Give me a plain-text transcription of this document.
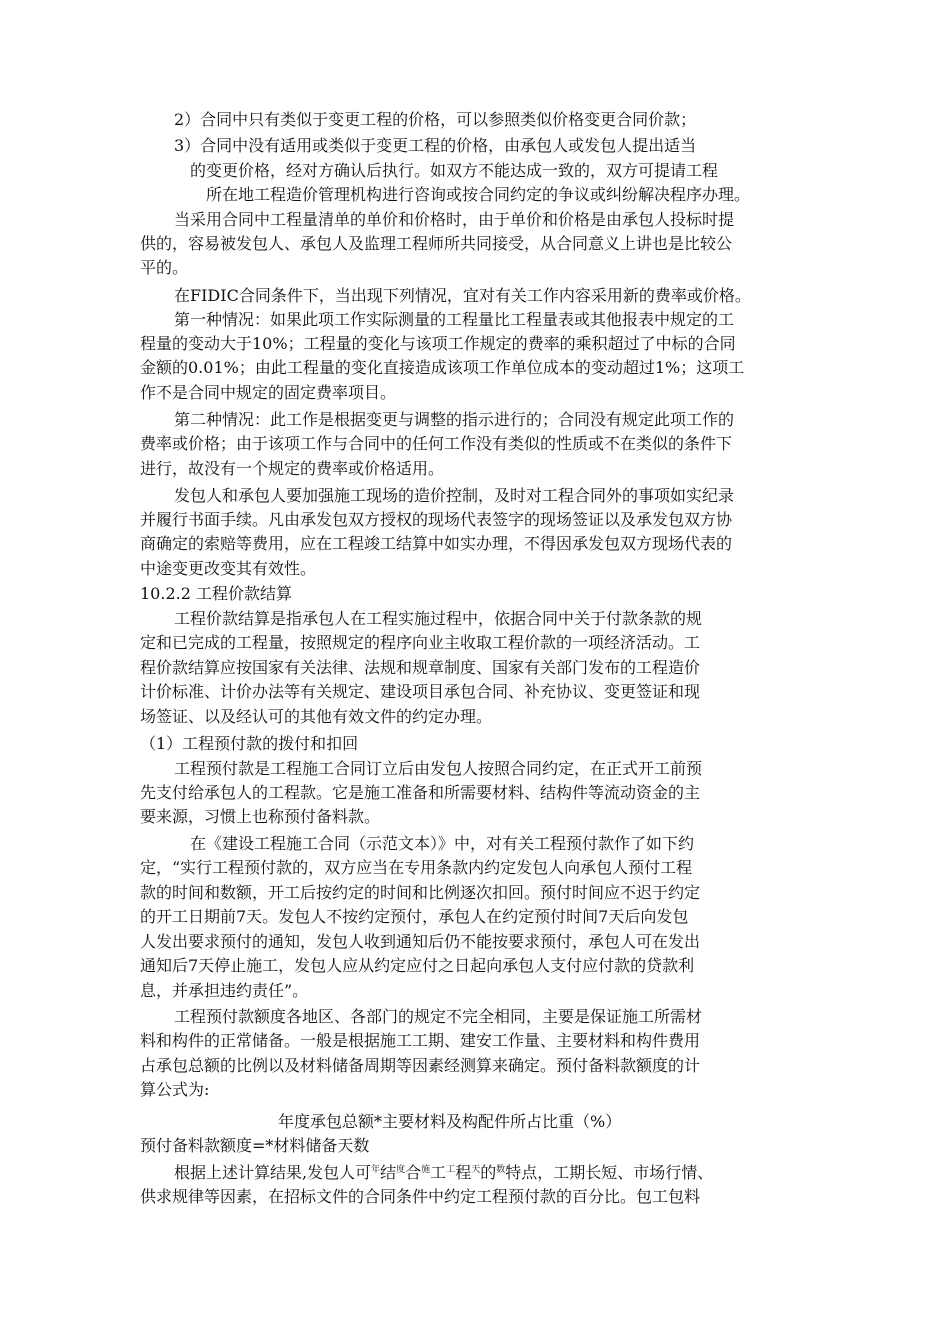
2）合同中只有类似于变更工程的价格，可以参照类似价格变更合同价款；
3）合同中没有适用或类似于变更工程的价格，由承包人或发包人提出适当
的变更价格，经对方确认后执行。如双方不能达成一致的，双方可提请工程
所在地工程造价管理机构进行咨询或按合同约定的争议或纠纷解决程序办理。
当采用合同中工程量清单的单价和价格时，由于单价和价格是由承包人投标时提
供的，容易被发包人、承包人及监理工程师所共同接受，从合同意义上讲也是比较公
平的。
在FIDIC合同条件下，当出现下列情况，宜对有关工作内容采用新的费率或价格。
第一种情况：如果此项工作实际测量的工程量比工程量表或其他报表中规定的工
程量的变动大于10%；工程量的变化与该项工作规定的费率的乘积超过了中标的合同
金额的0.01%；由此工程量的变化直接造成该项工作单位成本的变动超过1%；这项工
作不是合同中规定的固定费率项目。
第二种情况：此工作是根据变更与调整的指示进行的；合同没有规定此项工作的
费率或价格；由于该项工作与合同中的任何工作没有类似的性质或不在类似的条件下
进行，故没有一个规定的费率或价格适用。
发包人和承包人要加强施工现场的造价控制，及时对工程合同外的事项如实纪录
并履行书面手续。凡由承发包双方授权的现场代表签字的现场签证以及承发包双方协
商确定的索赔等费用，应在工程竣工结算中如实办理，不得因承发包双方现场代表的
中途变更改变其有效性。
10.2.2 工程价款结算
工程价款结算是指承包人在工程实施过程中，依据合同中关于付款条款的规
定和已完成的工程量，按照规定的程序向业主收取工程价款的一项经济活动。工
程价款结算应按国家有关法律、法规和规章制度、国家有关部门发布的工程造价
计价标准、计价办法等有关规定、建设项目承包合同、补充协议、变更签证和现
场签证、以及经认可的其他有效文件的约定办理。
（1）工程预付款的拨付和扣回
工程预付款是工程施工合同订立后由发包人按照合同约定，在正式开工前预
先支付给承包人的工程款。它是施工准备和所需要材料、结构件等流动资金的主
要来源，习惯上也称预付备料款。
在《建设工程施工合同（示范文本）》中，对有关工程预付款作了如下约
定，“实行工程预付款的，双方应当在专用条款内约定发包人向承包人预付工程
款的时间和数额，开工后按约定的时间和比例逐次扣回。预付时间应不迟于约定
的开工日期前7天。发包人不按约定预付，承包人在约定预付时间7天后向发包
人发出要求预付的通知，发包人收到通知后仍不能按要求预付，承包人可在发出
通知后7天停止施工，发包人应从约定应付之日起向承包人支付应付款的贷款利
息，并承担违约责任”。
工程预付款额度各地区、各部门的规定不完全相同，主要是保证施工所需材
料和构件的正常储备。一般是根据施工工期、建安工作量、主要材料和构件费用
占承包总额的比例以及材料储备周期等因素经测算来确定。预付备料款额度的计
算公式为:
年度承包总额*主要材料及构配件所占比重（%）
预付备料款额度=*材料储备天数
根据上述计算结果,发包人可$^年$结$^度$合$^施$工$^工$程$^天$的$^数$特点，工期长短、市场行情、
供求规律等因素，在招标文件的合同条件中约定工程预付款的百分比。包工包料
